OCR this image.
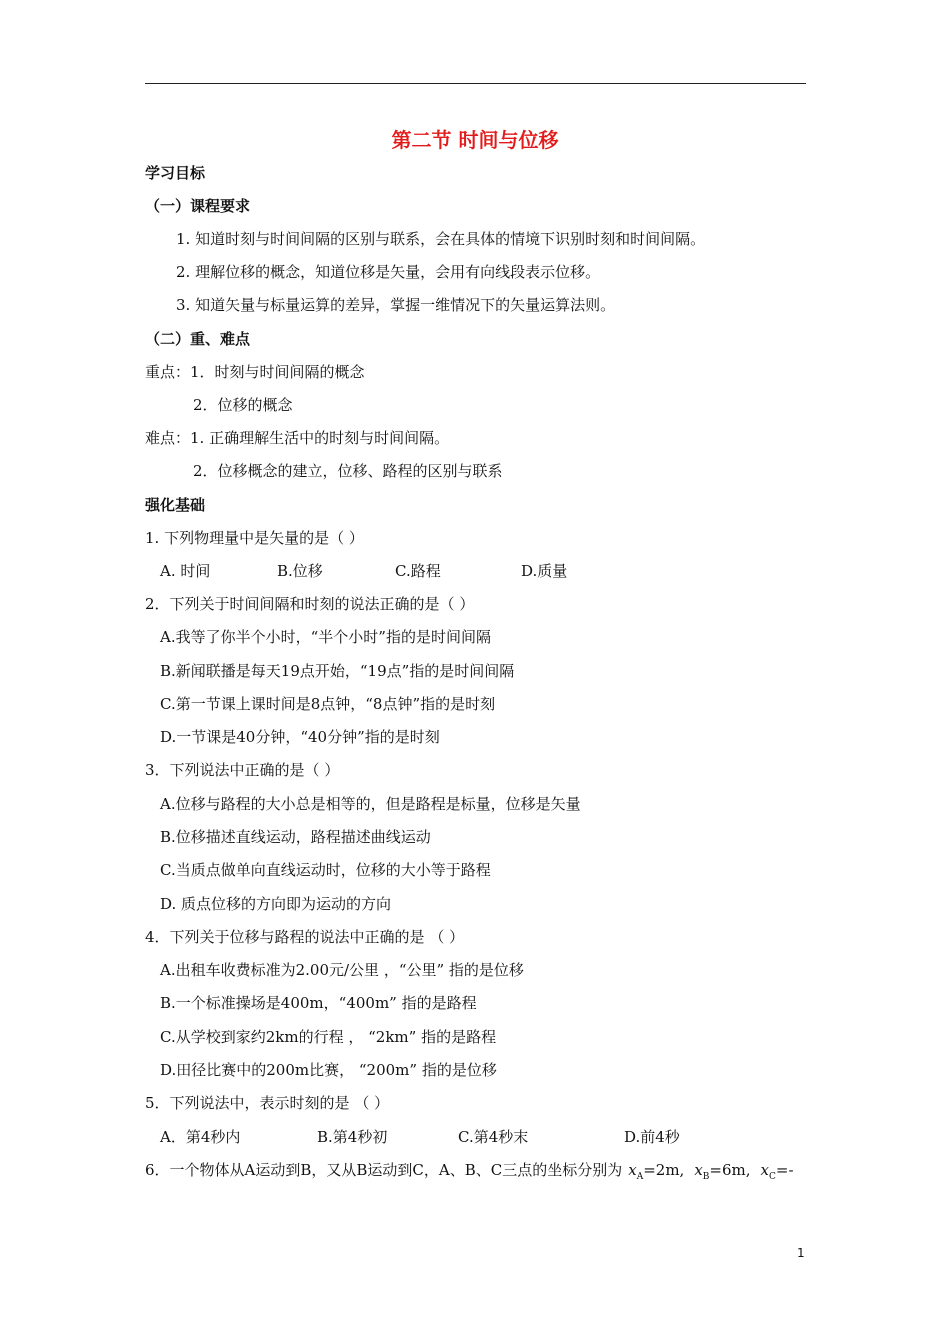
第二节 时间与位移
学习目标
（一）课程要求
1. 知道时刻与时间间隔的区别与联系，会在具体的情境下识别时刻和时间间隔。
2. 理解位移的概念，知道位移是矢量，会用有向线段表示位移。
3. 知道矢量与标量运算的差异，掌握一维情况下的矢量运算法则。
（二）重、难点
重点：1．时刻与时间间隔的概念
2．位移的概念
难点：1. 正确理解生活中的时刻与时间间隔。
2．位移概念的建立，位移、路程的区别与联系
强化基础
1. 下列物理量中是矢量的是（ ）
A. 时间	B.位移	C.路程	D.质量
2．下列关于时间间隔和时刻的说法正确的是（ ）
A.我等了你半个小时，“半个小时”指的是时间间隔
B.新闻联播是每天19点开始，“19点”指的是时间间隔
C.第一节课上课时间是8点钟，“8点钟”指的是时刻
D.一节课是40分钟，“40分钟”指的是时刻
3．下列说法中正确的是（ ）
A.位移与路程的大小总是相等的，但是路程是标量，位移是矢量
B.位移描述直线运动，路程描述曲线运动
C.当质点做单向直线运动时，位移的大小等于路程
D. 质点位移的方向即为运动的方向
4．下列关于位移与路程的说法中正确的是 （ ）
A.出租车收费标准为2.00元/公里 ，“公里” 指的是位移
B.一个标准操场是400m，“400m” 指的是路程
C.从学校到家约2km的行程 ， “2km” 指的是路程
D.田径比赛中的200m比赛， “200m” 指的是位移
5．下列说法中，表示时刻的是 （ ）
A．第4秒内	B.第4秒初	C.第4秒末	D.前4秒
6．一个物体从A运动到B，又从B运动到C，A、B、C三点的坐标分别为 $x_A=2m$, $x_B=6m$, $x_C=-$
1
